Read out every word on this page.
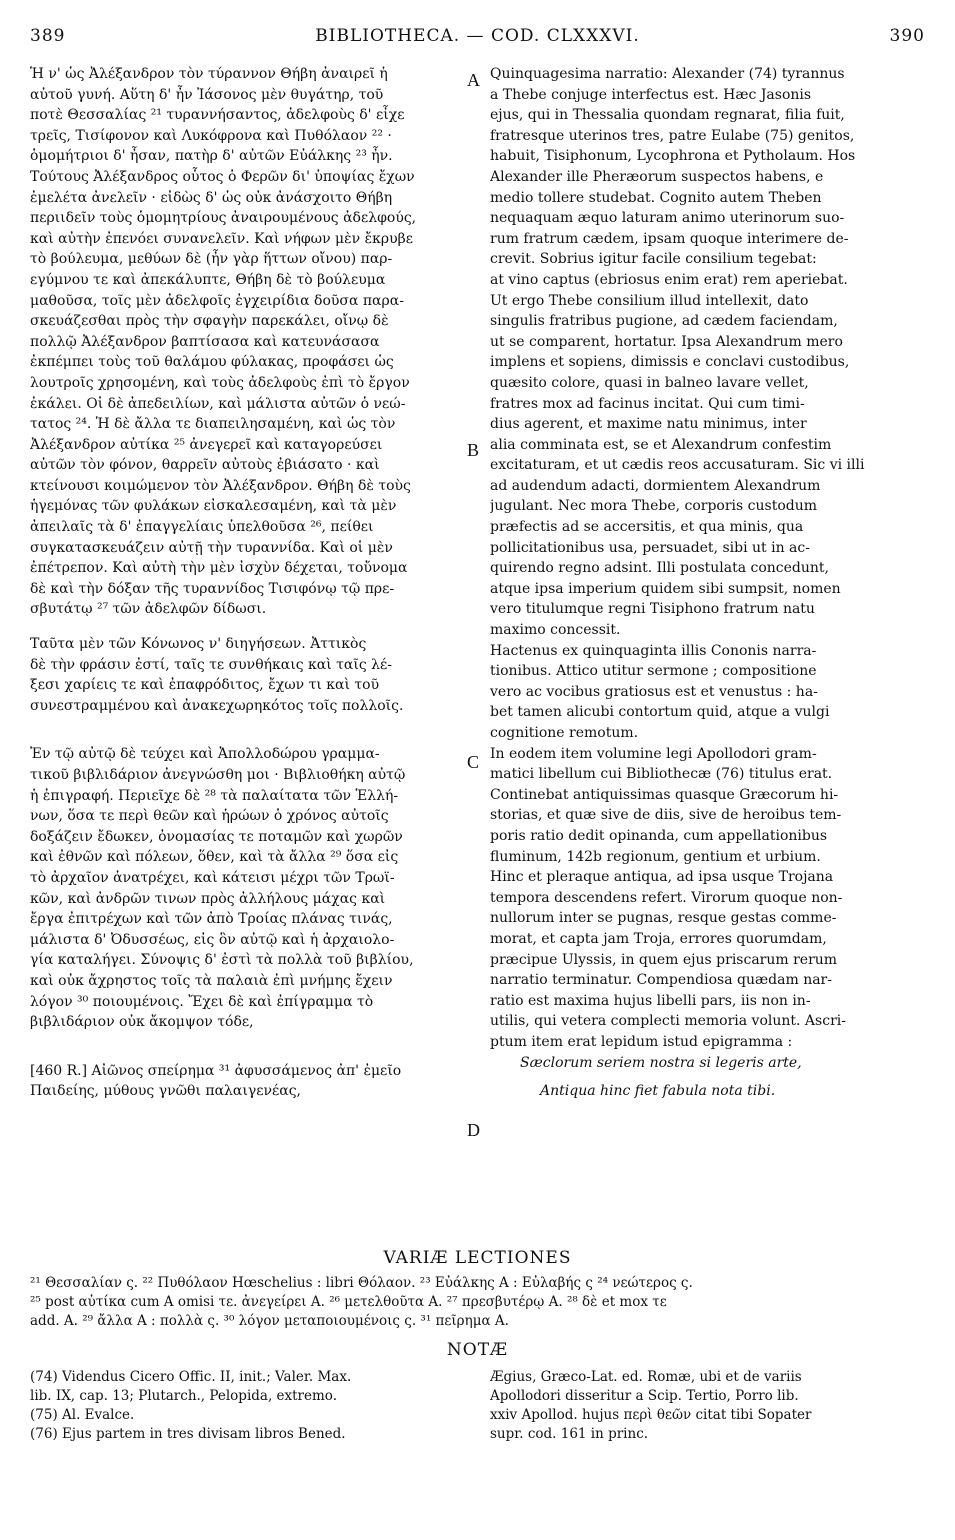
389	BIBLIOTHECA. — COD. CLXXXVI.	390
A
B
C
D
Ἡ ν' ὡς Ἀλέξανδρον τὸν τύραννον Θήβη ἀναιρεῖ ἡ
αὐτοῦ γυνή. Αὕτη δ' ἦν Ἰάσονος μὲν θυγάτηρ, τοῦ
ποτὲ Θεσσαλίας ²¹ τυραννήσαντος, ἀδελφοὺς δ' εἶχε
τρεῖς, Τισίφονον καὶ Λυκόφρονα καὶ Πυθόλαον ²² ·
ὁμομήτριοι δ' ἦσαν, πατὴρ δ' αὐτῶν Εὐάλκης ²³ ἦν.
Τούτους Ἀλέξανδρος οὗτος ὁ Φερῶν δι' ὑποψίας ἔχων
ἐμελέτα ἀνελεῖν · εἰδὼς δ' ὡς οὐκ ἀνάσχοιτο Θήβη
περιιδεῖν τοὺς ὁμομητρίους ἀναιρουμένους ἀδελφούς,
καὶ αὐτὴν ἐπενόει συνανελεῖν. Καὶ νήφων μὲν ἔκρυβε
τὸ βούλευμα, μεθύων δὲ (ἦν γὰρ ἥττων οἴνου) παρ-
εγύμνου τε καὶ ἀπεκάλυπτε, Θήβη δὲ τὸ βούλευμα
μαθοῦσα, τοῖς μὲν ἀδελφοῖς ἐγχειρίδια δοῦσα παρα-
σκευάζεσθαι πρὸς τὴν σφαγὴν παρεκάλει, οἴνῳ δὲ
πολλῷ Ἀλέξανδρον βαπτίσασα καὶ κατευνάσασα
ἐκπέμπει τοὺς τοῦ θαλάμου φύλακας, προφάσει ὡς
λουτροῖς χρησομένη, καὶ τοὺς ἀδελφοὺς ἐπὶ τὸ ἔργον
ἐκάλει. Οἱ δὲ ἀπεδειλίων, καὶ μάλιστα αὐτῶν ὁ νεώ-
τατος ²⁴. Ἡ δὲ ἄλλα τε διαπειλησαμένη, καὶ ὡς τὸν
Ἀλέξανδρον αὐτίκα ²⁵ ἀνεγερεῖ καὶ καταγορεύσει
αὐτῶν τὸν φόνον, θαρρεῖν αὐτοὺς ἐβιάσατο · καὶ
κτείνουσι κοιμώμενον τὸν Ἀλέξανδρον. Θήβη δὲ τοὺς
ἡγεμόνας τῶν φυλάκων εἰσκαλεσαμένη, καὶ τὰ μὲν
ἀπειλαῖς τὰ δ' ἐπαγγελίαις ὑπελθοῦσα ²⁶, πείθει
συγκατασκευάζειν αὐτῇ τὴν τυραννίδα. Καὶ οἱ μὲν
ἐπέτρεπον. Καὶ αὐτὴ τὴν μὲν ἰσχὺν δέχεται, τοὔνομα
δὲ καὶ τὴν δόξαν τῆς τυραννίδος Τισιφόνῳ τῷ πρε-
σβυτάτῳ ²⁷ τῶν ἀδελφῶν δίδωσι.
Ταῦτα μὲν τῶν Κόνωνος ν' διηγήσεων. Ἀττικὸς
δὲ τὴν φράσιν ἐστί, ταῖς τε συνθήκαις καὶ ταῖς λέ-
ξεσι χαρίεις τε καὶ ἐπαφρόδιτος, ἔχων τι καὶ τοῦ
συνεστραμμένου καὶ ἀνακεχωρηκότος τοῖς πολλοῖς.
Ἐν τῷ αὐτῷ δὲ τεύχει καὶ Ἀπολλοδώρου γραμμα-
τικοῦ βιβλιδάριον ἀνεγνώσθη μοι · Βιβλιοθήκη αὐτῷ
ἡ ἐπιγραφή. Περιεῖχε δὲ ²⁸ τὰ παλαίτατα τῶν Ἑλλή-
νων, ὅσα τε περὶ θεῶν καὶ ἡρώων ὁ χρόνος αὐτοῖς
δοξάζειν ἔδωκεν, ὀνομασίας τε ποταμῶν καὶ χωρῶν
καὶ ἐθνῶν καὶ πόλεων, ὅθεν, καὶ τὰ ἄλλα ²⁹ ὅσα εἰς
τὸ ἀρχαῖον ἀνατρέχει, καὶ κάτεισι μέχρι τῶν Τρωϊ-
κῶν, καὶ ἀνδρῶν τινων πρὸς ἀλλήλους μάχας καὶ
ἔργα ἐπιτρέχων καὶ τῶν ἀπὸ Τροίας πλάνας τινάς,
μάλιστα δ' Ὀδυσσέως, εἰς ὃν αὐτῷ καὶ ἡ ἀρχαιολο-
γία καταλήγει. Σύνοψις δ' ἐστὶ τὰ πολλὰ τοῦ βιβλίου,
καὶ οὐκ ἄχρηστος τοῖς τὰ παλαιὰ ἐπὶ μνήμης ἔχειν
λόγον ³⁰ ποιουμένοις. Ἔχει δὲ καὶ ἐπίγραμμα τὸ
βιβλιδάριον οὐκ ἄκομψον τόδε,
[460 R.] Αἰῶνος σπείρημα ³¹ ἀφυσσάμενος ἀπ' ἐμεῖο
Παιδείης, μύθους γνῶθι παλαιγενέας,
Quinquagesima narratio: Alexander (74) tyrannus
a Thebe conjuge interfectus est. Hæc Jasonis
ejus, qui in Thessalia quondam regnarat, filia fuit,
fratresque uterinos tres, patre Eulabe (75) genitos,
habuit, Tisiphonum, Lycophrona et Pytholaum. Hos
Alexander ille Pheræorum suspectos habens, e
medio tollere studebat. Cognito autem Theben
nequaquam æquo laturam animo uterinorum suo-
rum fratrum cædem, ipsam quoque interimere de-
crevit. Sobrius igitur facile consilium tegebat:
at vino captus (ebriosus enim erat) rem aperiebat.
Ut ergo Thebe consilium illud intellexit, dato
singulis fratribus pugione, ad cædem faciendam,
ut se comparent, hortatur. Ipsa Alexandrum mero
implens et sopiens, dimissis e conclavi custodibus,
quæsito colore, quasi in balneo lavare vellet,
fratres mox ad facinus incitat. Qui cum timi-
dius agerent, et maxime natu minimus, inter
alia comminata est, se et Alexandrum confestim
excitaturam, et ut cædis reos accusaturam. Sic vi illi
ad audendum adacti, dormientem Alexandrum
jugulant. Nec mora Thebe, corporis custodum
præfectis ad se accersitis, et qua minis, qua
pollicitationibus usa, persuadet, sibi ut in ac-
quirendo regno adsint. Illi postulata concedunt,
atque ipsa imperium quidem sibi sumpsit, nomen
vero titulumque regni Tisiphono fratrum natu
maximo concessit.
Hactenus ex quinquaginta illis Cononis narra-
tionibus. Attico utitur sermone ; compositione
vero ac vocibus gratiosus est et venustus : ha-
bet tamen alicubi contortum quid, atque a vulgi
cognitione remotum.
In eodem item volumine legi Apollodori gram-
matici libellum cui Bibliothecæ (76) titulus erat.
Continebat antiquissimas quasque Græcorum hi-
storias, et quæ sive de diis, sive de heroibus tem-
poris ratio dedit opinanda, cum appellationibus
fluminum, 142b regionum, gentium et urbium.
Hinc et pleraque antiqua, ad ipsa usque Trojana
tempora descendens refert. Virorum quoque non-
nullorum inter se pugnas, resque gestas comme-
morat, et capta jam Troja, errores quorumdam,
præcipue Ulyssis, in quem ejus priscarum rerum
narratio terminatur. Compendiosa quædam nar-
ratio est maxima hujus libelli pars, iis non in-
utilis, qui vetera complecti memoria volunt. Ascri-
ptum item erat lepidum istud epigramma :
Sæclorum seriem nostra si legeris arte,
Antiqua hinc fiet fabula nota tibi.
VARIÆ LECTIONES
²¹ Θεσσαλίαν ς. ²² Πυθόλαον Hœschelius : libri Θόλαον. ²³ Εὐάλκης A : Εὐλαβής ς ²⁴ νεώτερος ς.
²⁵ post αὐτίκα cum A omisi τε. ἀνεγείρει A. ²⁶ μετελθοῦτα A. ²⁷ πρεσβυτέρῳ A. ²⁸ δὲ et mox τε
add. A. ²⁹ ἄλλα A : πολλὰ ς. ³⁰ λόγον μεταποιουμένοις ς. ³¹ πεῖρημα A.
NOTÆ
(74) Videndus Cicero Offic. II, init.; Valer. Max.
lib. IX, cap. 13; Plutarch., Pelopida, extremo.
(75) Al. Evalce.
(76) Ejus partem in tres divisam libros Bened.
Ægius, Græco-Lat. ed. Romæ, ubi et de variis
Apollodori disseritur a Scip. Tertio, Porro lib.
xxiv Apollod. hujus περὶ θεῶν citat tibi Sopater
supr. cod. 161 in princ.
